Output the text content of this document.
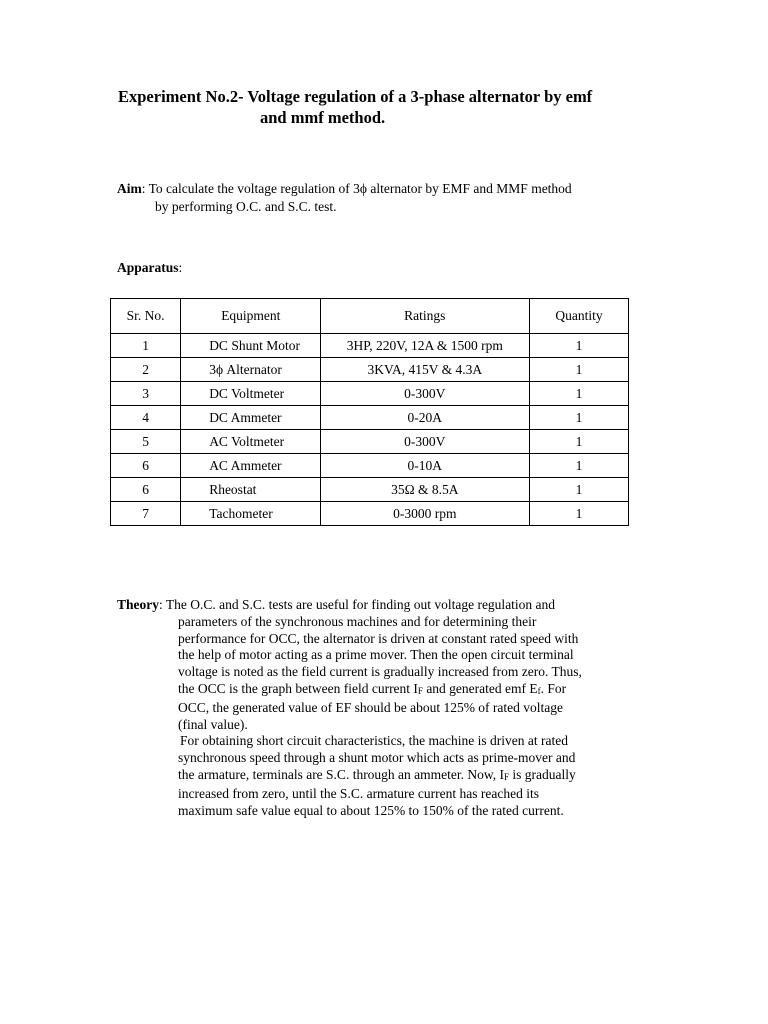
Experiment No.2- Voltage regulation of a 3-phase alternator by emf
and mmf method.
Aim: To calculate the voltage regulation of 3ϕ alternator by EMF and MMF method
by performing O.C. and S.C. test.
Apparatus:
Sr. No.	Equipment	Ratings	Quantity
1	DC Shunt Motor	3HP, 220V, 12A & 1500 rpm	1
2	3ϕ Alternator	3KVA, 415V & 4.3A	1
3	DC Voltmeter	0-300V	1
4	DC Ammeter	0-20A	1
5	AC Voltmeter	0-300V	1
6	AC Ammeter	0-10A	1
6	Rheostat	35Ω & 8.5A	1
7	Tachometer	0-3000 rpm	1
Theory: The O.C. and S.C. tests are useful for finding out voltage regulation and
parameters of the synchronous machines and for determining their
performance for OCC, the alternator is driven at constant rated speed with
the help of motor acting as a prime mover. Then the open circuit terminal
voltage is noted as the field current is gradually increased from zero. Thus,
the OCC is the graph between field current $I_F$ and generated emf $E_f$. For
OCC, the generated value of EF should be about 125% of rated voltage
(final value).
For obtaining short circuit characteristics, the machine is driven at rated
synchronous speed through a shunt motor which acts as prime-mover and
the armature, terminals are S.C. through an ammeter. Now, $I_F$ is gradually
increased from zero, until the S.C. armature current has reached its
maximum safe value equal to about 125% to 150% of the rated current.
